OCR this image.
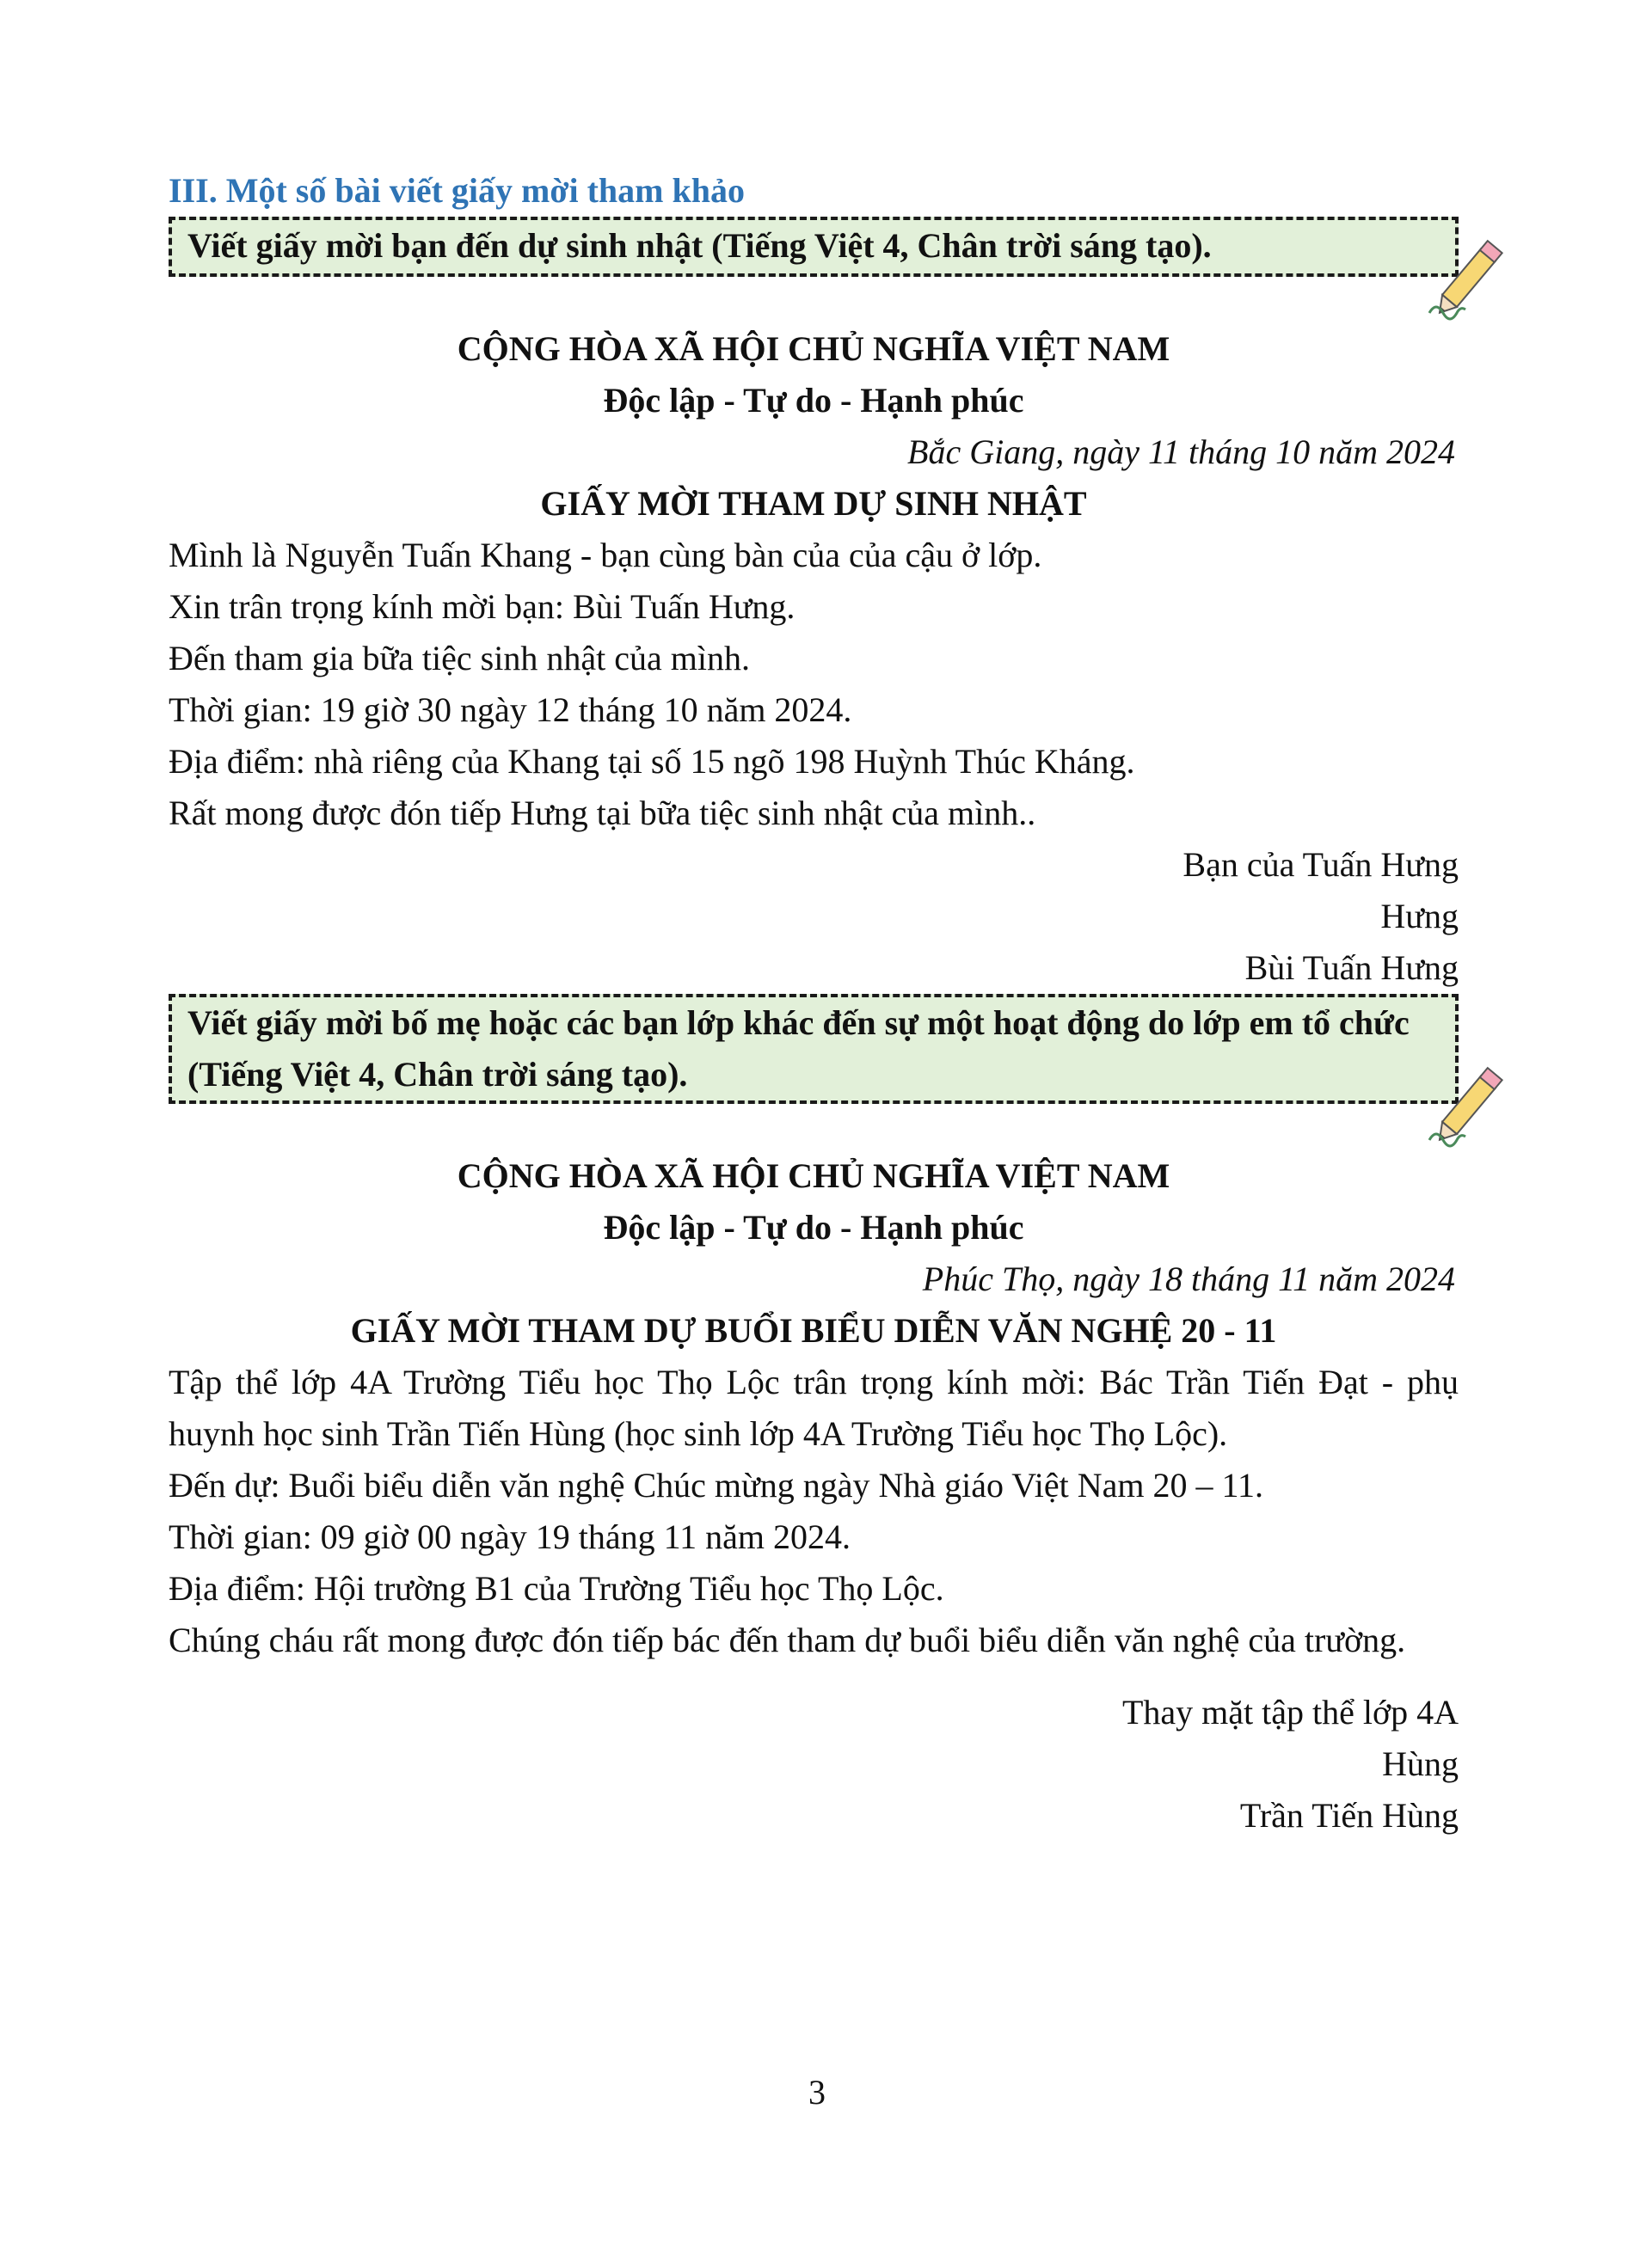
III. Một số bài viết giấy mời tham khảo

Viết giấy mời bạn đến dự sinh nhật (Tiếng Việt 4, Chân trời sáng tạo).

CỘNG HÒA XÃ HỘI CHỦ NGHĨA VIỆT NAM

Độc lập - Tự do - Hạnh phúc

Bắc Giang, ngày 11 tháng 10 năm 2024

GIẤY MỜI THAM DỰ SINH NHẬT

Mình là Nguyễn Tuấn Khang - bạn cùng bàn của của cậu ở lớp.

Xin trân trọng kính mời bạn: Bùi Tuấn Hưng.

Đến tham gia bữa tiệc sinh nhật của mình.

Thời gian: 19 giờ 30 ngày 12 tháng 10 năm 2024.

Địa điểm: nhà riêng của Khang tại số 15 ngõ 198 Huỳnh Thúc Kháng.

Rất mong được đón tiếp Hưng tại bữa tiệc sinh nhật của mình..

Bạn của Tuấn Hưng

Hưng

Bùi Tuấn Hưng

Viết giấy mời bố mẹ hoặc các bạn lớp khác đến sự một hoạt động do lớp em tổ chức (Tiếng Việt 4, Chân trời sáng tạo).

CỘNG HÒA XÃ HỘI CHỦ NGHĨA VIỆT NAM

Độc lập - Tự do - Hạnh phúc

Phúc Thọ, ngày 18 tháng 11 năm 2024

GIẤY MỜI THAM DỰ BUỔI BIỂU DIỄN VĂN NGHỆ 20 - 11

Tập thể lớp 4A Trường Tiểu học Thọ Lộc trân trọng kính mời: Bác Trần Tiến Đạt - phụ huynh học sinh Trần Tiến Hùng (học sinh lớp 4A Trường Tiểu học Thọ Lộc).

Đến dự: Buổi biểu diễn văn nghệ Chúc mừng ngày Nhà giáo Việt Nam 20 – 11.

Thời gian: 09 giờ 00 ngày 19 tháng 11 năm 2024.

Địa điểm: Hội trường B1 của Trường Tiểu học Thọ Lộc.

Chúng cháu rất mong được đón tiếp bác đến tham dự buổi biểu diễn văn nghệ của trường.

Thay mặt tập thể lớp 4A

Hùng

Trần Tiến Hùng

3
